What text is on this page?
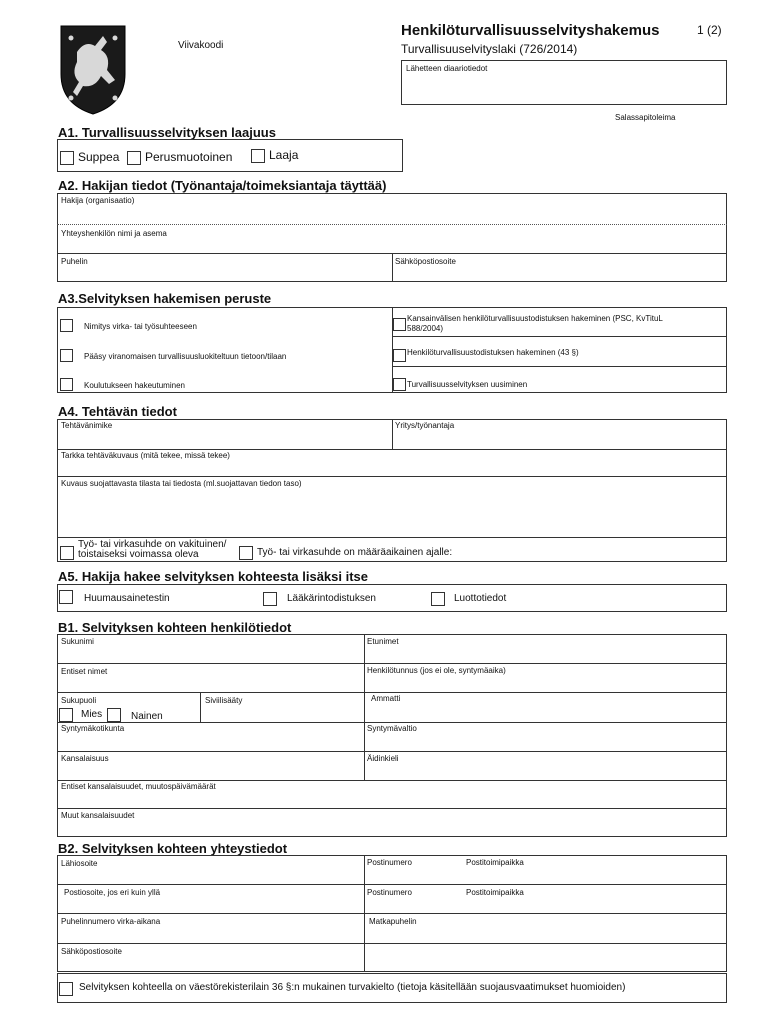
Viivakoodi
Henkilöturvallisuusselvityshakemus	1 (2)
Turvallisuuselvityslaki (726/2014)
Lähetteen diaariotiedot
Salassapitoleima
A1. Turvallisuusselvityksen laajuus
Suppea Perusmuotoinen	Laaja
A2. Hakijan tiedot (Työnantaja/toimeksiantaja täyttää)
Hakija (organisaatio)
Yhteyshenkilön nimi ja asema
Puhelin	Sähköpostiosoite
A3.Selvityksen hakemisen peruste
Nimitys virka- tai työsuhteeseen
Pääsy viranomaisen turvallisuusluokiteltuun tietoon/tilaan
Koulutukseen hakeutuminen
Kansainvälisen henkilöturvallisuustodistuksen hakeminen (PSC, KvTituL
588/2004)
Henkilöturvallisuustodistuksen hakeminen (43 §)
Turvallisuusselvityksen uusiminen
A4. Tehtävän tiedot
Tehtävänimike	Yritys/työnantaja
Tarkka tehtäväkuvaus (mitä tekee, missä tekee)
Kuvaus suojattavasta tilasta tai tiedosta (ml.suojattavan tiedon taso)
Työ- tai virkasuhde on vakituinen/
toistaiseksi voimassa oleva	Työ- tai virkasuhde on määräaikainen ajalle:
A5. Hakija hakee selvityksen kohteesta lisäksi itse
Huumausainetestin	Lääkärintodistuksen	Luottotiedot
B1. Selvityksen kohteen henkilötiedot
Sukunimi	Etunimet
Entiset nimet	Henkilötunnus (jos ei ole, syntymäaika)
Sukupuoli	Siviilisääty	Ammatti
Mies	Nainen
Syntymäkotikunta	Syntymävaltio
Kansalaisuus	Äidinkieli
Entiset kansalaisuudet, muutospäivämäärät
Muut kansalaisuudet
B2. Selvityksen kohteen yhteystiedot
Lähiosoite	Postinumero	Postitoimipaikka
Postiosoite, jos eri kuin yllä	Postinumero	Postitoimipaikka
Puhelinnumero virka-aikana	Matkapuhelin
Sähköpostiosoite
Selvityksen kohteella on väestörekisterilain 36 §:n mukainen turvakielto (tietoja käsitellään suojausvaatimukset huomioiden)
